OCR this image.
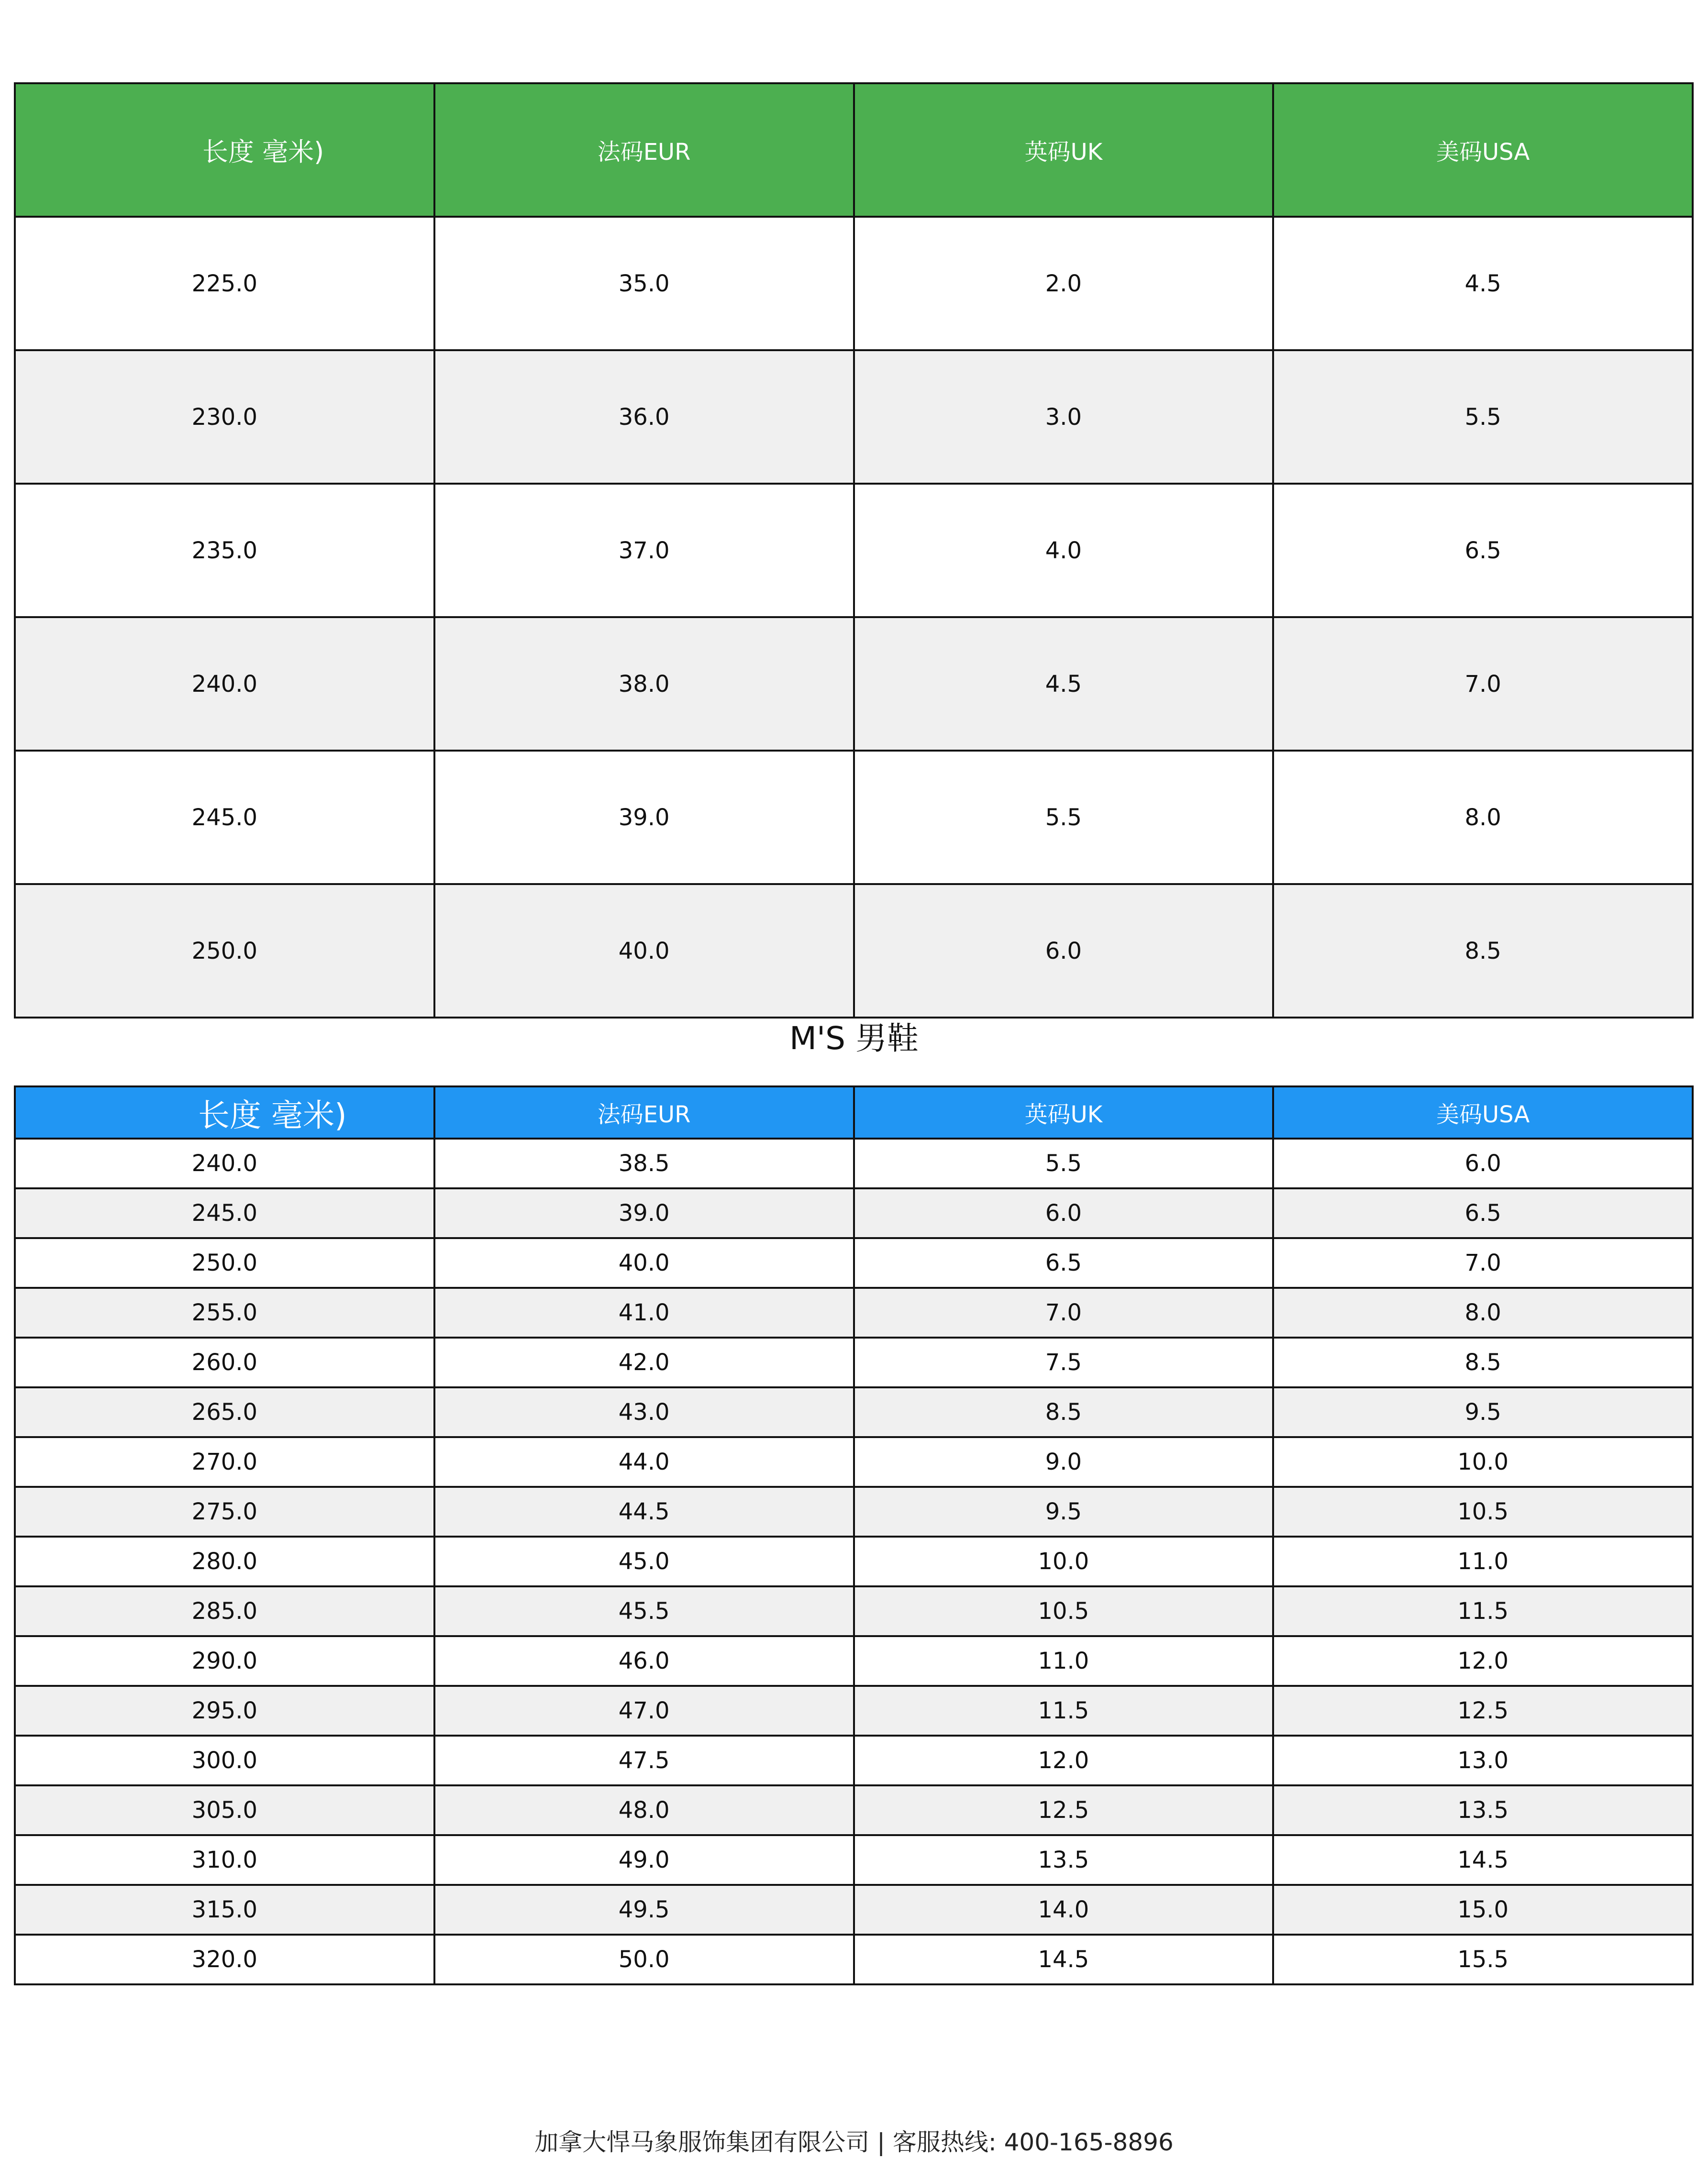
长度 毫米)	法码EUR	英码UK	美码USA
225.0	35.0	2.0	4.5
230.0	36.0	3.0	5.5
235.0	37.0	4.0	6.5
240.0	38.0	4.5	7.0
245.0	39.0	5.5	8.0
250.0	40.0	6.0	8.5
M'S 男鞋
长度 毫米)	法码EUR	英码UK	美码USA
240.0	38.5	5.5	6.0
245.0	39.0	6.0	6.5
250.0	40.0	6.5	7.0
255.0	41.0	7.0	8.0
260.0	42.0	7.5	8.5
265.0	43.0	8.5	9.5
270.0	44.0	9.0	10.0
275.0	44.5	9.5	10.5
280.0	45.0	10.0	11.0
285.0	45.5	10.5	11.5
290.0	46.0	11.0	12.0
295.0	47.0	11.5	12.5
300.0	47.5	12.0	13.0
305.0	48.0	12.5	13.5
310.0	49.0	13.5	14.5
315.0	49.5	14.0	15.0
320.0	50.0	14.5	15.5
加拿大悍马象服饰集团有限公司 | 客服热线: 400-165-8896
